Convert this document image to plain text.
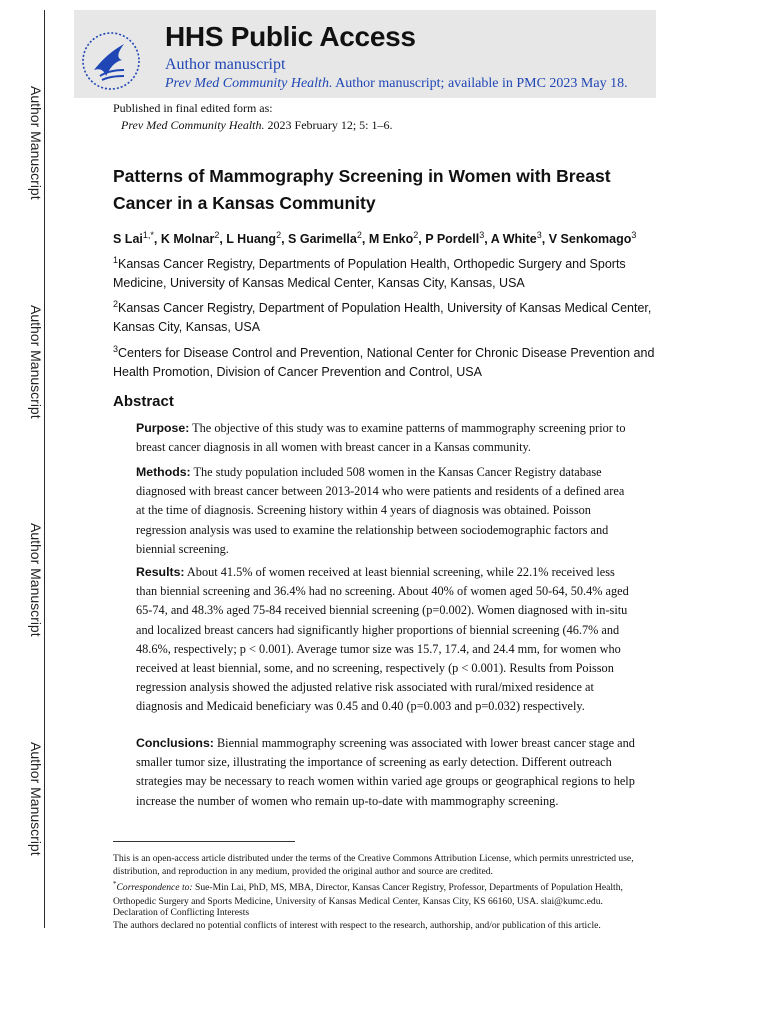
Author Manuscript
Author Manuscript
Author Manuscript
Author Manuscript
HHS Public Access
Author manuscript
Prev Med Community Health. Author manuscript; available in PMC 2023 May 18.
Published in final edited form as:
Prev Med Community Health. 2023 February 12; 5: 1–6.
Patterns of Mammography Screening in Women with Breast Cancer in a Kansas Community
S Lai$^{1,*}$, K Molnar$^2$, L Huang$^2$, S Garimella$^2$, M Enko$^2$, P Pordell$^3$, A White$^3$, V Senkomago$^3$
$^1$Kansas Cancer Registry, Departments of Population Health, Orthopedic Surgery and Sports Medicine, University of Kansas Medical Center, Kansas City, Kansas, USA
$^2$Kansas Cancer Registry, Department of Population Health, University of Kansas Medical Center, Kansas City, Kansas, USA
$^3$Centers for Disease Control and Prevention, National Center for Chronic Disease Prevention and Health Promotion, Division of Cancer Prevention and Control, USA
Abstract
Purpose: The objective of this study was to examine patterns of mammography screening prior to breast cancer diagnosis in all women with breast cancer in a Kansas community.
Methods: The study population included 508 women in the Kansas Cancer Registry database diagnosed with breast cancer between 2013-2014 who were patients and residents of a defined area at the time of diagnosis. Screening history within 4 years of diagnosis was obtained. Poisson regression analysis was used to examine the relationship between sociodemographic factors and biennial screening.
Results: About 41.5% of women received at least biennial screening, while 22.1% received less than biennial screening and 36.4% had no screening. About 40% of women aged 50-64, 50.4% aged 65-74, and 48.3% aged 75-84 received biennial screening (p=0.002). Women diagnosed with in-situ and localized breast cancers had significantly higher proportions of biennial screening (46.7% and 48.6%, respectively; p < 0.001). Average tumor size was 15.7, 17.4, and 24.4 mm, for women who received at least biennial, some, and no screening, respectively (p < 0.001). Results from Poisson regression analysis showed the adjusted relative risk associated with rural/mixed residence at diagnosis and Medicaid beneficiary was 0.45 and 0.40 (p=0.003 and p=0.032) respectively.
Conclusions: Biennial mammography screening was associated with lower breast cancer stage and smaller tumor size, illustrating the importance of screening as early detection. Different outreach strategies may be necessary to reach women within varied age groups or geographical regions to help increase the number of women who remain up-to-date with mammography screening.
This is an open-access article distributed under the terms of the Creative Commons Attribution License, which permits unrestricted use, distribution, and reproduction in any medium, provided the original author and source are credited.
*Correspondence to: Sue-Min Lai, PhD, MS, MBA, Director, Kansas Cancer Registry, Professor, Departments of Population Health, Orthopedic Surgery and Sports Medicine, University of Kansas Medical Center, Kansas City, KS 66160, USA. slai@kumc.edu.
Declaration of Conflicting Interests
The authors declared no potential conflicts of interest with respect to the research, authorship, and/or publication of this article.
